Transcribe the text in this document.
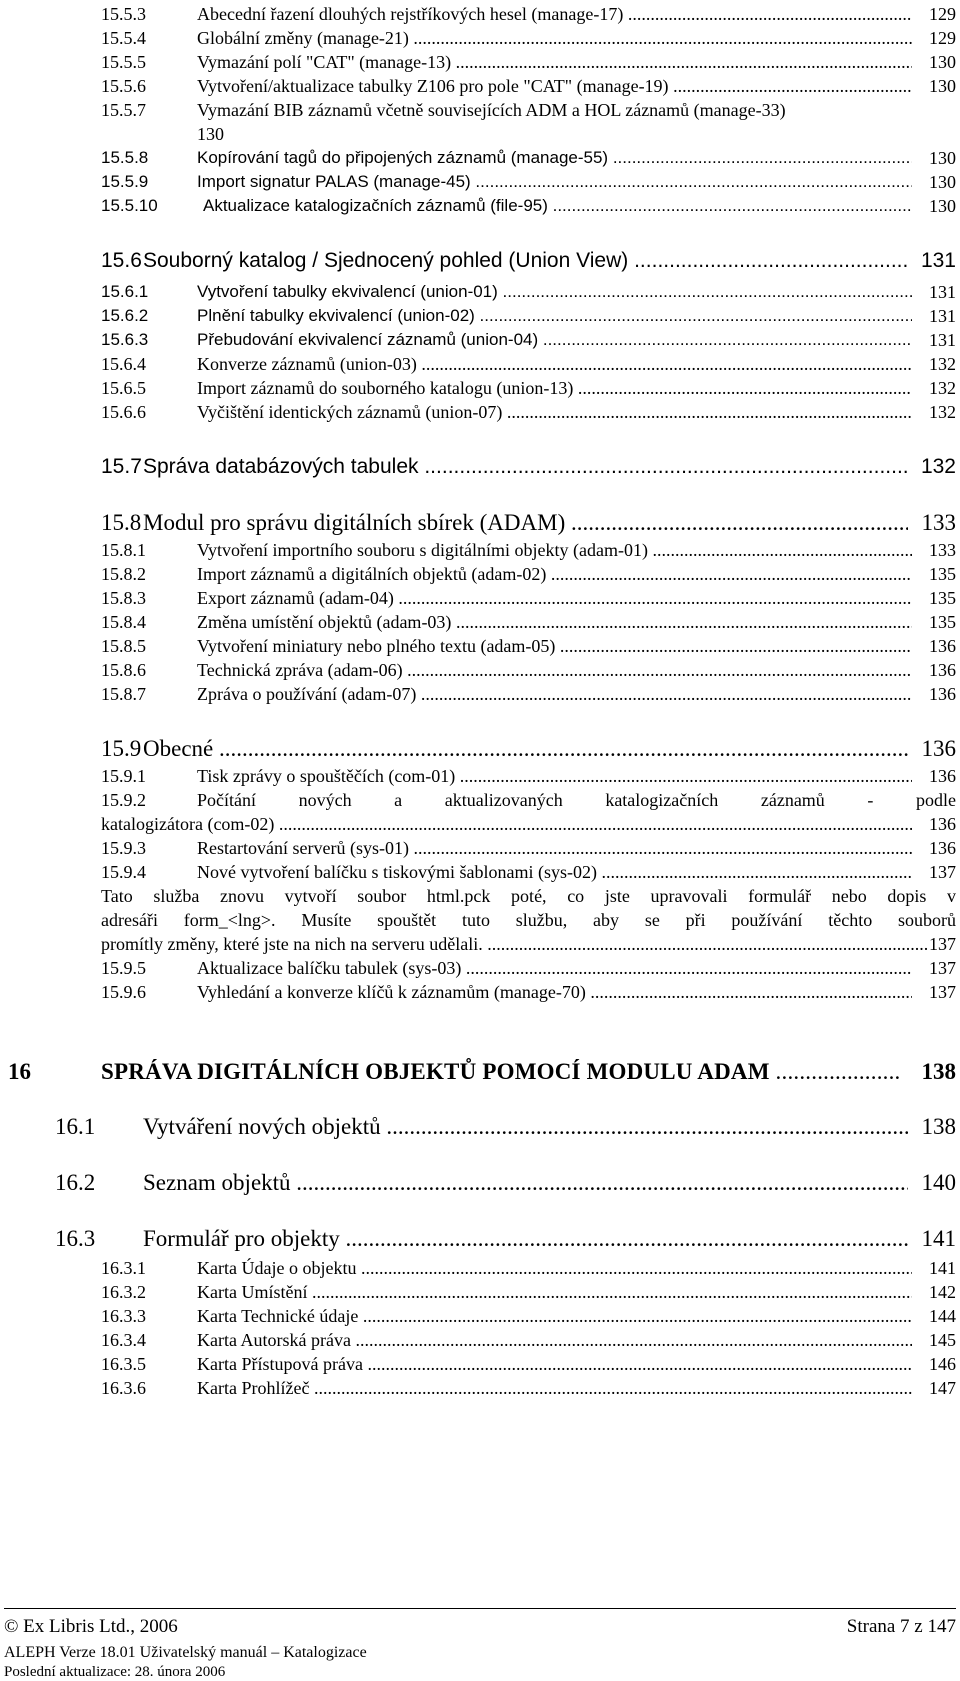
15.5.3	Abecední řazení dlouhých rejstříkových hesel (manage-17) .....	129
15.5.4	Globální změny (manage-21) .....	129
15.5.5	Vymazání polí "CAT" (manage-13) .....	130
15.5.6	Vytvoření/aktualizace tabulky Z106 pro pole "CAT" (manage-19) .....	130
15.5.7	Vymazání BIB záznamů včetně souvisejících ADM a HOL záznamů (manage-33)
130
15.5.8	Kopírování tagů do připojených záznamů (manage-55) .....	130
15.5.9	Import signatur PALAS (manage-45) .....	130
15.5.10	Aktualizace katalogizačních záznamů (file-95) .....	130
15.6 Souborný katalog / Sjednocený pohled (Union View) .....	131
15.6.1	Vytvoření tabulky ekvivalencí (union-01) .....	131
15.6.2	Plnění tabulky ekvivalencí (union-02) .....	131
15.6.3	Přebudování ekvivalencí záznamů (union-04) .....	131
15.6.4	Konverze záznamů (union-03) .....	132
15.6.5	Import záznamů do souborného katalogu (union-13) .....	132
15.6.6	Vyčištění identických záznamů (union-07) .....	132
15.7 Správa databázových tabulek .....	132
15.8 Modul pro správu digitálních sbírek (ADAM) .....	133
15.8.1	Vytvoření importního souboru s digitálními objekty (adam-01) .....	133
15.8.2	Import záznamů a digitálních objektů (adam-02) .....	135
15.8.3	Export záznamů (adam-04) .....	135
15.8.4	Změna umístění objektů (adam-03) .....	135
15.8.5	Vytvoření miniatury nebo plného textu (adam-05) .....	136
15.8.6	Technická zpráva (adam-06) .....	136
15.8.7	Zpráva o používání (adam-07) .....	136
15.9 Obecné .....	136
15.9.1	Tisk zprávy o spouštěčích (com-01) .....	136
15.9.2	Počítání nových a aktualizovaných katalogizačních záznamů - podle
katalogizátora (com-02) .....	136
15.9.3	Restartování serverů (sys-01) .....	136
15.9.4	Nové vytvoření balíčku s tiskovými šablonami (sys-02) .....	137
Tato služba znovu vytvoří soubor html.pck poté, co jste upravovali formulář nebo dopis v
adresáři form_<lng>. Musíte spouštět tuto službu, aby se při používání těchto souborů
promítly změny, které jste na nich na serveru udělali. .....	137
15.9.5	Aktualizace balíčku tabulek (sys-03) .....	137
15.9.6	Vyhledání a konverze klíčů k záznamům (manage-70) .....	137
16	SPRÁVA DIGITÁLNÍCH OBJEKTŮ POMOCÍ MODULU ADAM .....	138
16.1 Vytváření nových objektů .....	138
16.2 Seznam objektů .....	140
16.3 Formulář pro objekty .....	141
16.3.1	Karta Údaje o objektu .....	141
16.3.2	Karta Umístění .....	142
16.3.3	Karta Technické údaje .....	144
16.3.4	Karta Autorská práva .....	145
16.3.5	Karta Přístupová práva .....	146
16.3.6	Karta Prohlížeč .....	147
© Ex Libris Ltd., 2006	Strana 7 z 147
ALEPH Verze 18.01 Uživatelský manuál – Katalogizace
Poslední aktualizace: 28. února 2006
